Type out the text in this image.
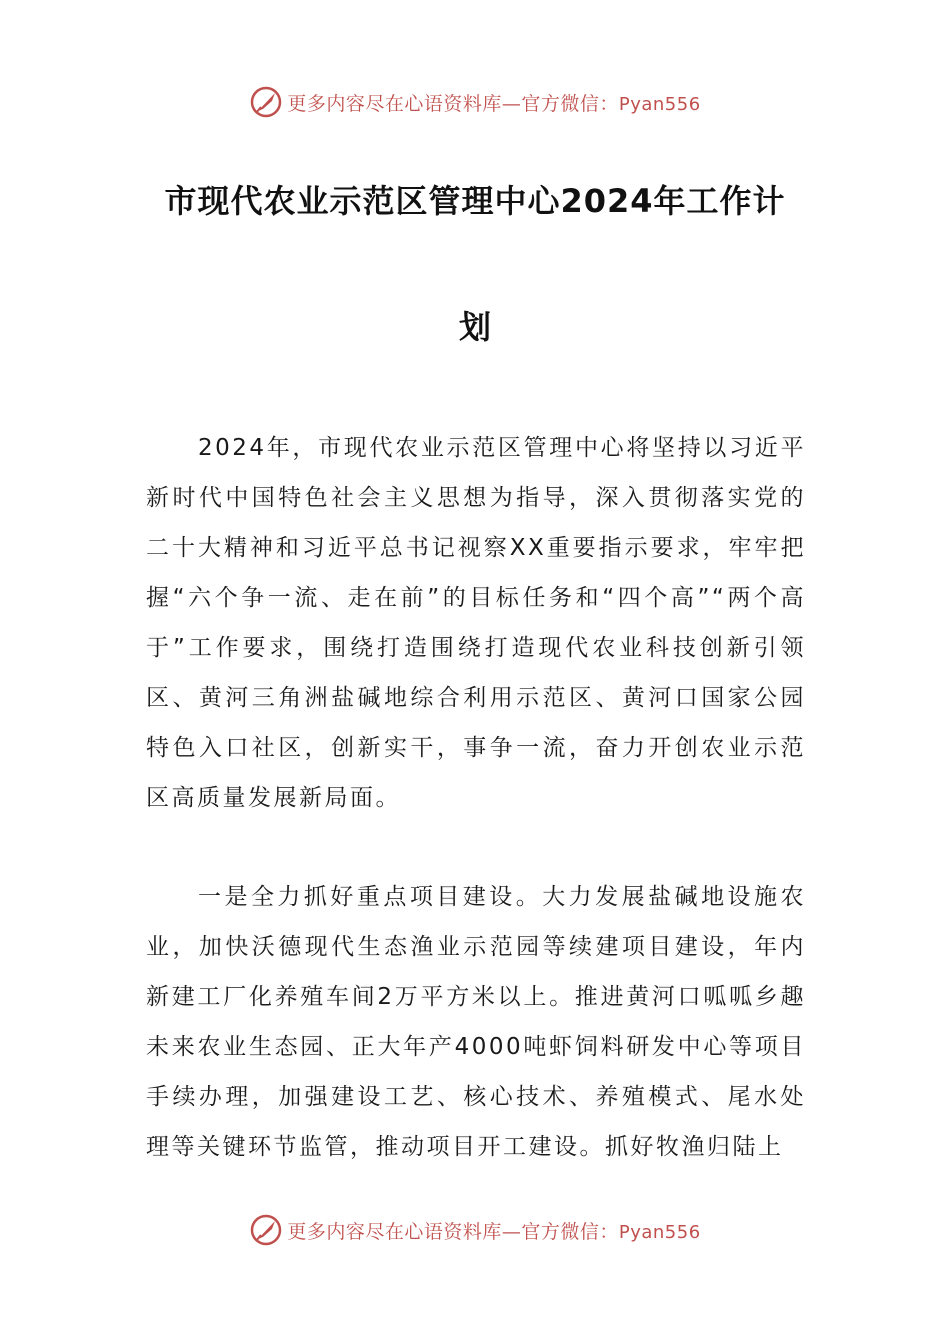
更多内容尽在心语资料库—官方微信：Pyan556
市现代农业示范区管理中心2024年工作计
划

2024年，市现代农业示范区管理中心将坚持以习近平新时代中国特色社会主义思想为指导，深入贯彻落实党的二十大精神和习近平总书记视察XX重要指示要求，牢牢把握“六个争一流、走在前”的目标任务和“四个高”“两个高于”工作要求，围绕打造围绕打造现代农业科技创新引领区、黄河三角洲盐碱地综合利用示范区、黄河口国家公园特色入口社区，创新实干，事争一流，奋力开创农业示范区高质量发展新局面。

一是全力抓好重点项目建设。大力发展盐碱地设施农业，加快沃德现代生态渔业示范园等续建项目建设，年内新建工厂化养殖车间2万平方米以上。推进黄河口呱呱乡趣未来农业生态园、正大年产4000吨虾饲料研发中心等项目手续办理，加强建设工艺、核心技术、养殖模式、尾水处理等关键环节监管，推动项目开工建设。抓好牧渔归陆上

更多内容尽在心语资料库—官方微信：Pyan556
